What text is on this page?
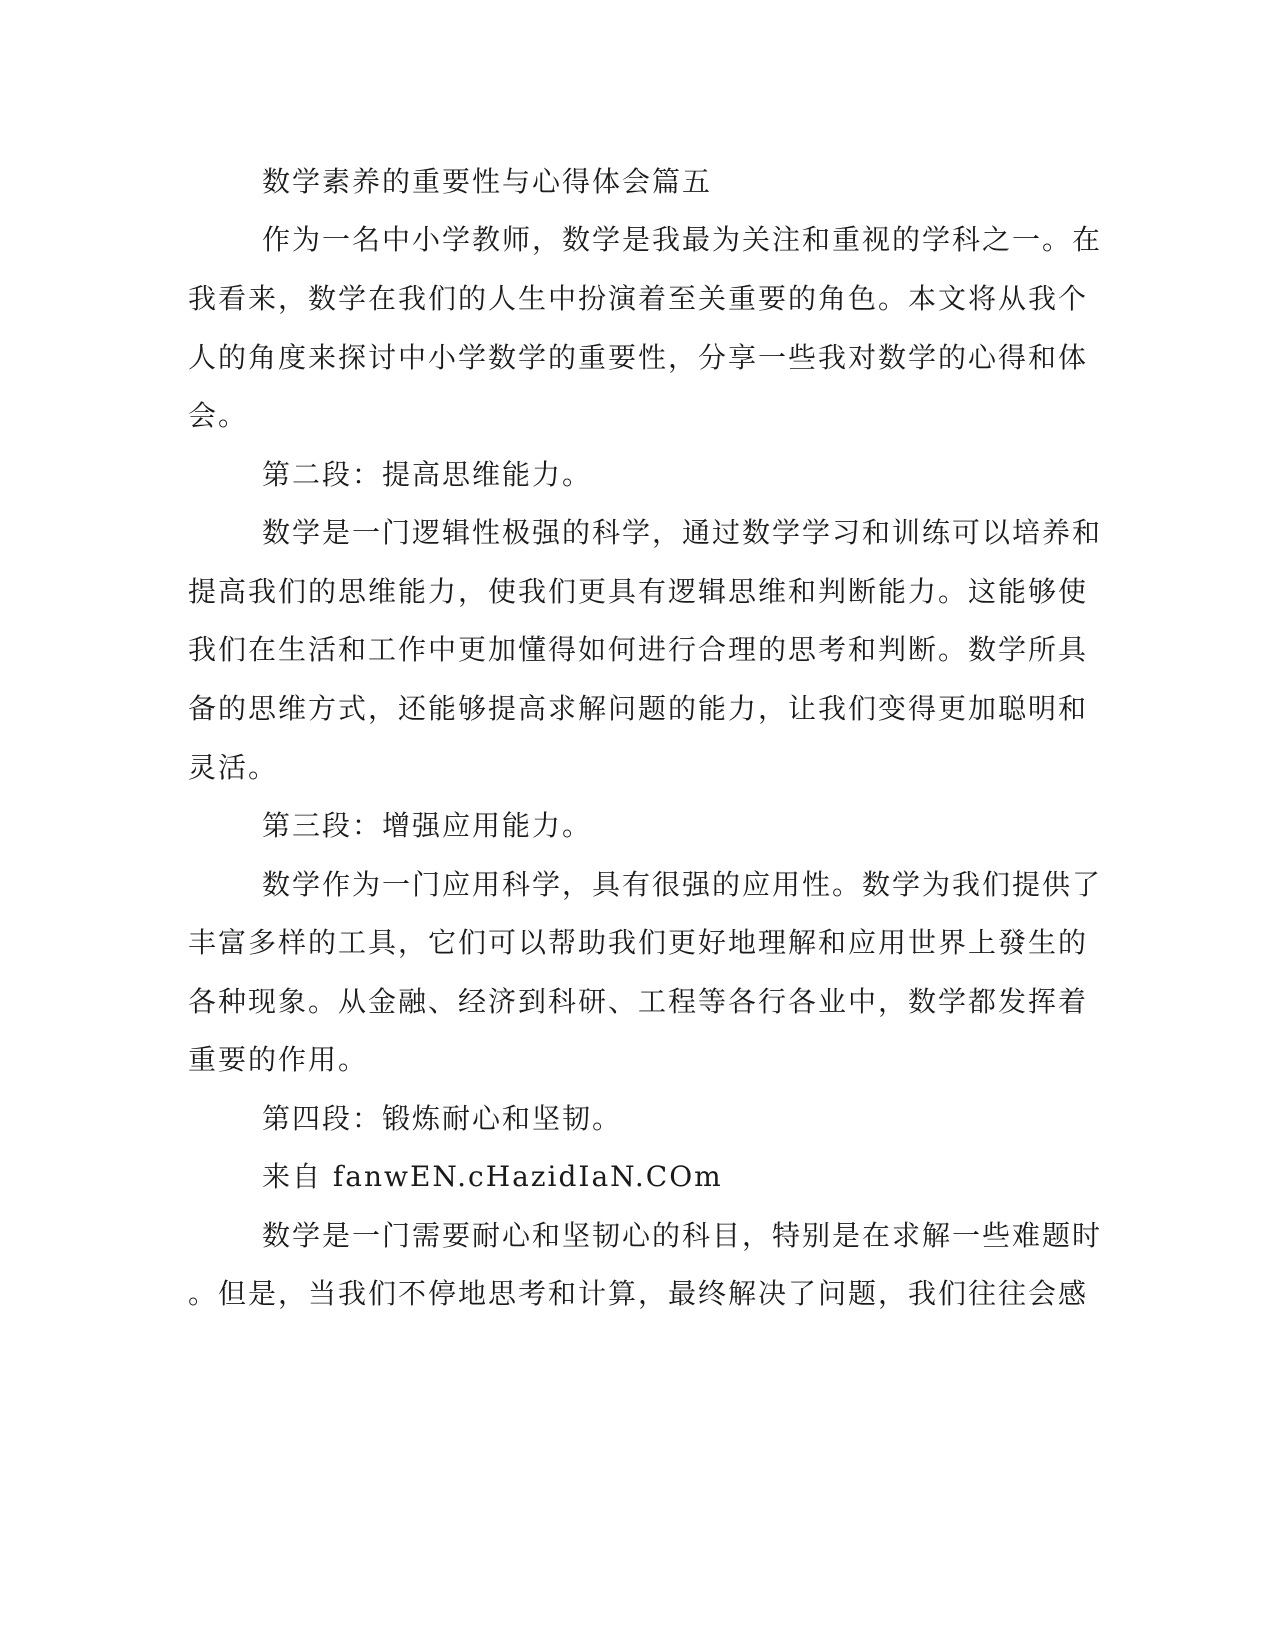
数学素养的重要性与心得体会篇五
作为一名中小学教师，数学是我最为关注和重视的学科之一。在
我看来，数学在我们的人生中扮演着至关重要的角色。本文将从我个
人的角度来探讨中小学数学的重要性，分享一些我对数学的心得和体
会。
第二段：提高思维能力。
数学是一门逻辑性极强的科学，通过数学学习和训练可以培养和
提高我们的思维能力，使我们更具有逻辑思维和判断能力。这能够使
我们在生活和工作中更加懂得如何进行合理的思考和判断。数学所具
备的思维方式，还能够提高求解问题的能力，让我们变得更加聪明和
灵活。
第三段：增强应用能力。
数学作为一门应用科学，具有很强的应用性。数学为我们提供了
丰富多样的工具，它们可以帮助我们更好地理解和应用世界上發生的
各种现象。从金融、经济到科研、工程等各行各业中，数学都发挥着
重要的作用。
第四段：锻炼耐心和坚韧。
来自 fanwEN.cHazidIaN.COm
数学是一门需要耐心和坚韧心的科目，特别是在求解一些难题时
。但是，当我们不停地思考和计算，最终解决了问题，我们往往会感
